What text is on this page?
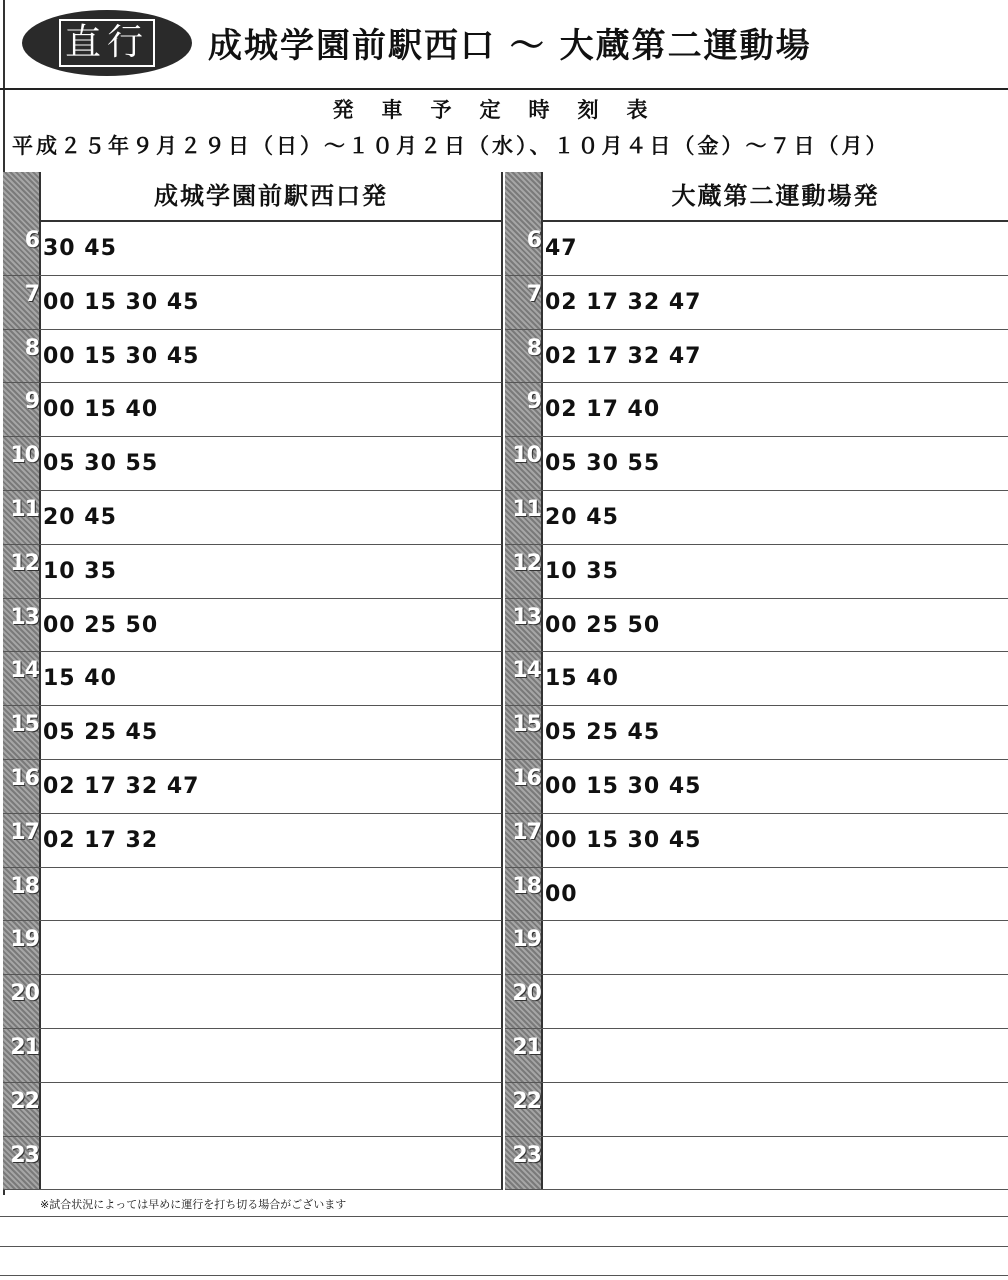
直行 成城学園前駅西口 ～ 大蔵第二運動場
発車予定時刻表
平成２５年９月２９日（日）～１０月２日（水）、１０月４日（金）～７日（月）
成城学園前駅西口発
6 30 45
7 00 15 30 45
8 00 15 30 45
9 00 15 40
10 05 30 55
11 20 45
12 10 35
13 00 25 50
14 15 40
15 05 25 45
16 02 17 32 47
17 02 17 32
18
19
20
21
22
23
大蔵第二運動場発
6 47
7 02 17 32 47
8 02 17 32 47
9 02 17 40
10 05 30 55
11 20 45
12 10 35
13 00 25 50
14 15 40
15 05 25 45
16 00 15 30 45
17 00 15 30 45
18 00
19
20
21
22
23
※試合状況によっては早めに運行を打ち切る場合がございます
